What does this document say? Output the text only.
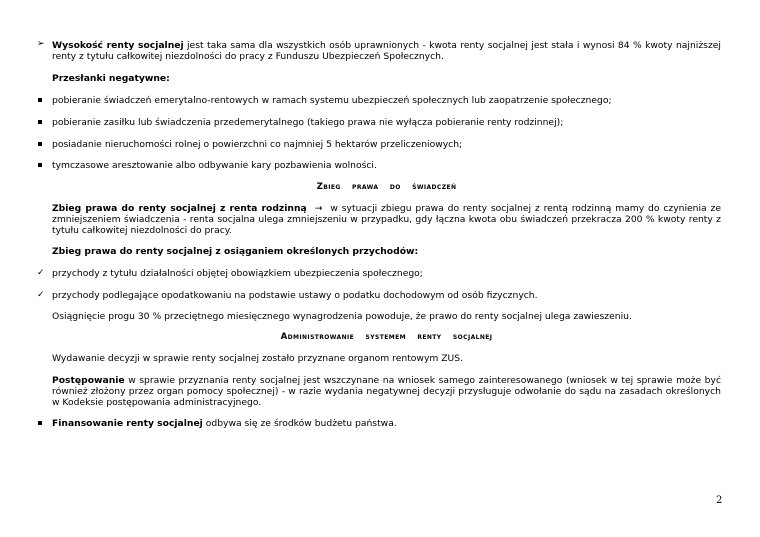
➢ Wysokość renty socjalnej jest taka sama dla wszystkich osób uprawnionych - kwota renty socjalnej jest stała i wynosi 84 % kwoty najniższej renty z tytułu całkowitej niezdolności do pracy z Funduszu Ubezpieczeń Społecznych.

Przesłanki negatywne:

pobieranie świadczeń emerytalno-rentowych w ramach systemu ubezpieczeń społecznych lub zaopatrzenie społecznego;

pobieranie zasiłku lub świadczenia przedemerytalnego (takiego prawa nie wyłącza pobieranie renty rodzinnej);

posiadanie nieruchomości rolnej o powierzchni co najmniej 5 hektarów przeliczeniowych;

tymczasowe aresztowanie albo odbywanie kary pozbawienia wolności.

Zbieg prawa do świadczeń

Zbieg prawa do renty socjalnej z renta rodzinną → w sytuacji zbiegu prawa do renty socjalnej z rentą rodzinną mamy do czynienia ze zmniejszeniem świadczenia - renta socjalna ulega zmniejszeniu w przypadku, gdy łączna kwota obu świadczeń przekracza 200 % kwoty renty z tytułu całkowitej niezdolności do pracy.

Zbieg prawa do renty socjalnej z osiąganiem określonych przychodów:

✓ przychody z tytułu działalności objętej obowiązkiem ubezpieczenia społecznego;

✓ przychody podlegające opodatkowaniu na podstawie ustawy o podatku dochodowym od osób fizycznych.

Osiągnięcie progu 30 % przeciętnego miesięcznego wynagrodzenia powoduje, że prawo do renty socjalnej ulega zawieszeniu.

Administrowanie systemem renty socjalnej

Wydawanie decyzji w sprawie renty socjalnej zostało przyznane organom rentowym ZUS.

Postępowanie w sprawie przyznania renty socjalnej jest wszczynane na wniosek samego zainteresowanego (wniosek w tej sprawie może być również złożony przez organ pomocy społecznej) - w razie wydania negatywnej decyzji przysługuje odwołanie do sądu na zasadach określonych w Kodeksie postępowania administracyjnego.

Finansowanie renty socjalnej odbywa się ze środków budżetu państwa.

2
